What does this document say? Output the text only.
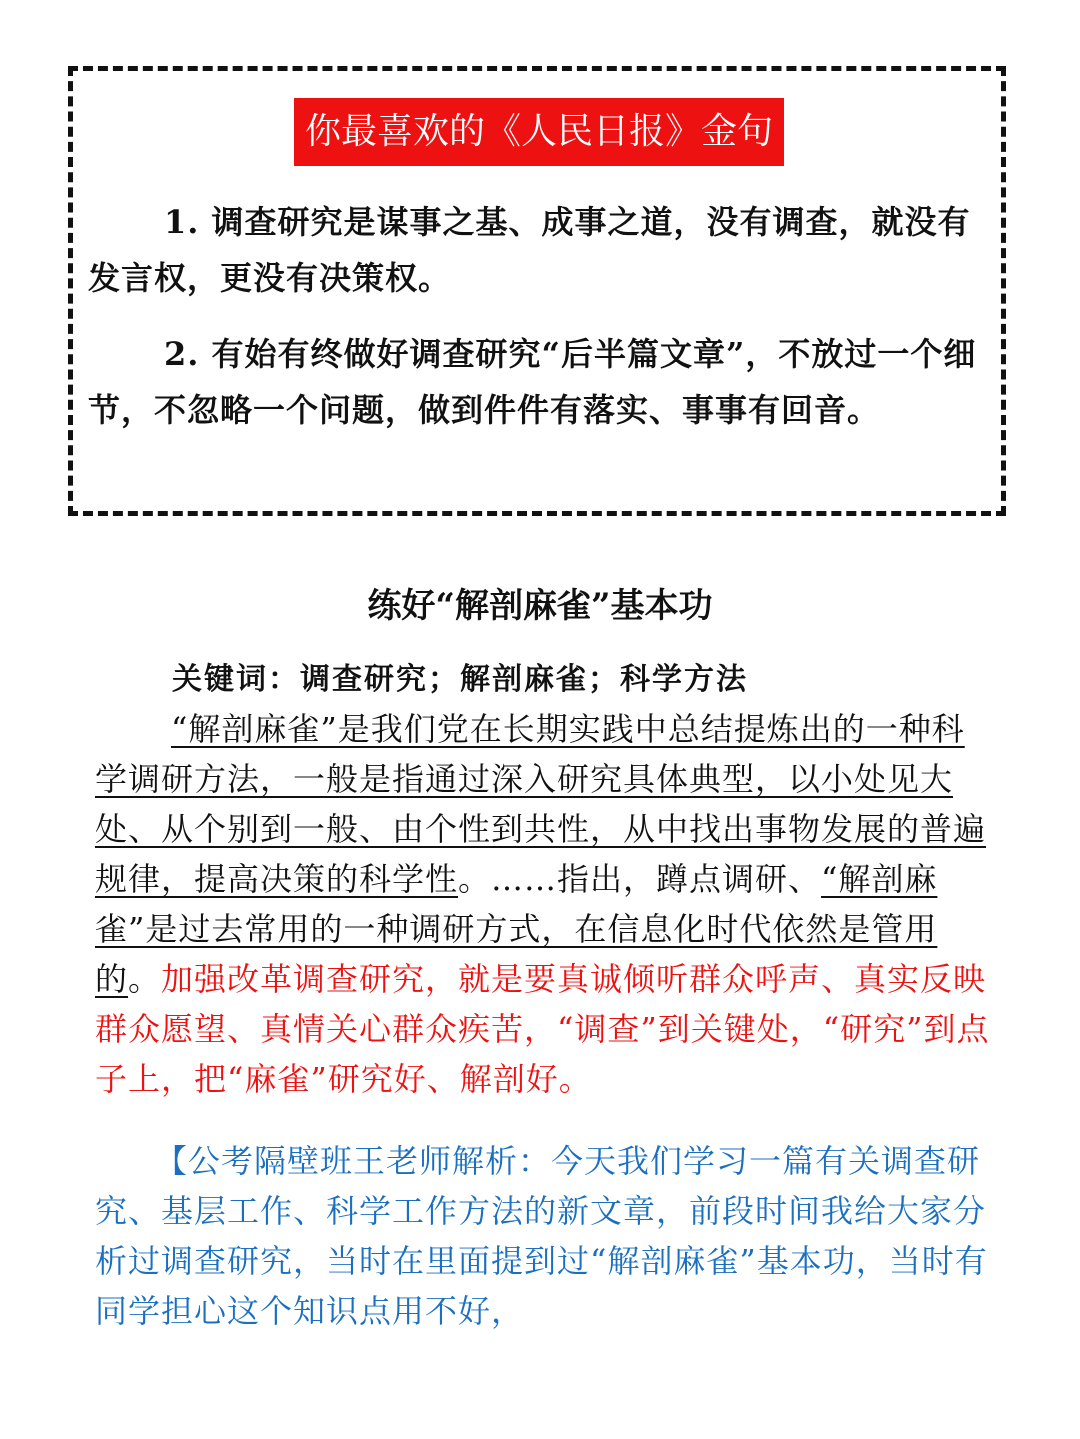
你最喜欢的《人民日报》金句

1. 调查研究是谋事之基、成事之道，没有调查，就没有发言权，更没有决策权。

2. 有始有终做好调查研究“后半篇文章”，不放过一个细节，不忽略一个问题，做到件件有落实、事事有回音。

练好“解剖麻雀”基本功

关键词：调查研究；解剖麻雀；科学方法

“解剖麻雀”是我们党在长期实践中总结提炼出的一种科学调研方法，一般是指通过深入研究具体典型，以小处见大处、从个别到一般、由个性到共性，从中找出事物发展的普遍规律，提高决策的科学性。……指出，蹲点调研、“解剖麻雀”是过去常用的一种调研方式，在信息化时代依然是管用的。加强改革调查研究，就是要真诚倾听群众呼声、真实反映群众愿望、真情关心群众疾苦，“调查”到关键处，“研究”到点子上，把“麻雀”研究好、解剖好。

【公考隔壁班王老师解析：今天我们学习一篇有关调查研究、基层工作、科学工作方法的新文章，前段时间我给大家分析过调查研究，当时在里面提到过“解剖麻雀”基本功，当时有同学担心这个知识点用不好，
